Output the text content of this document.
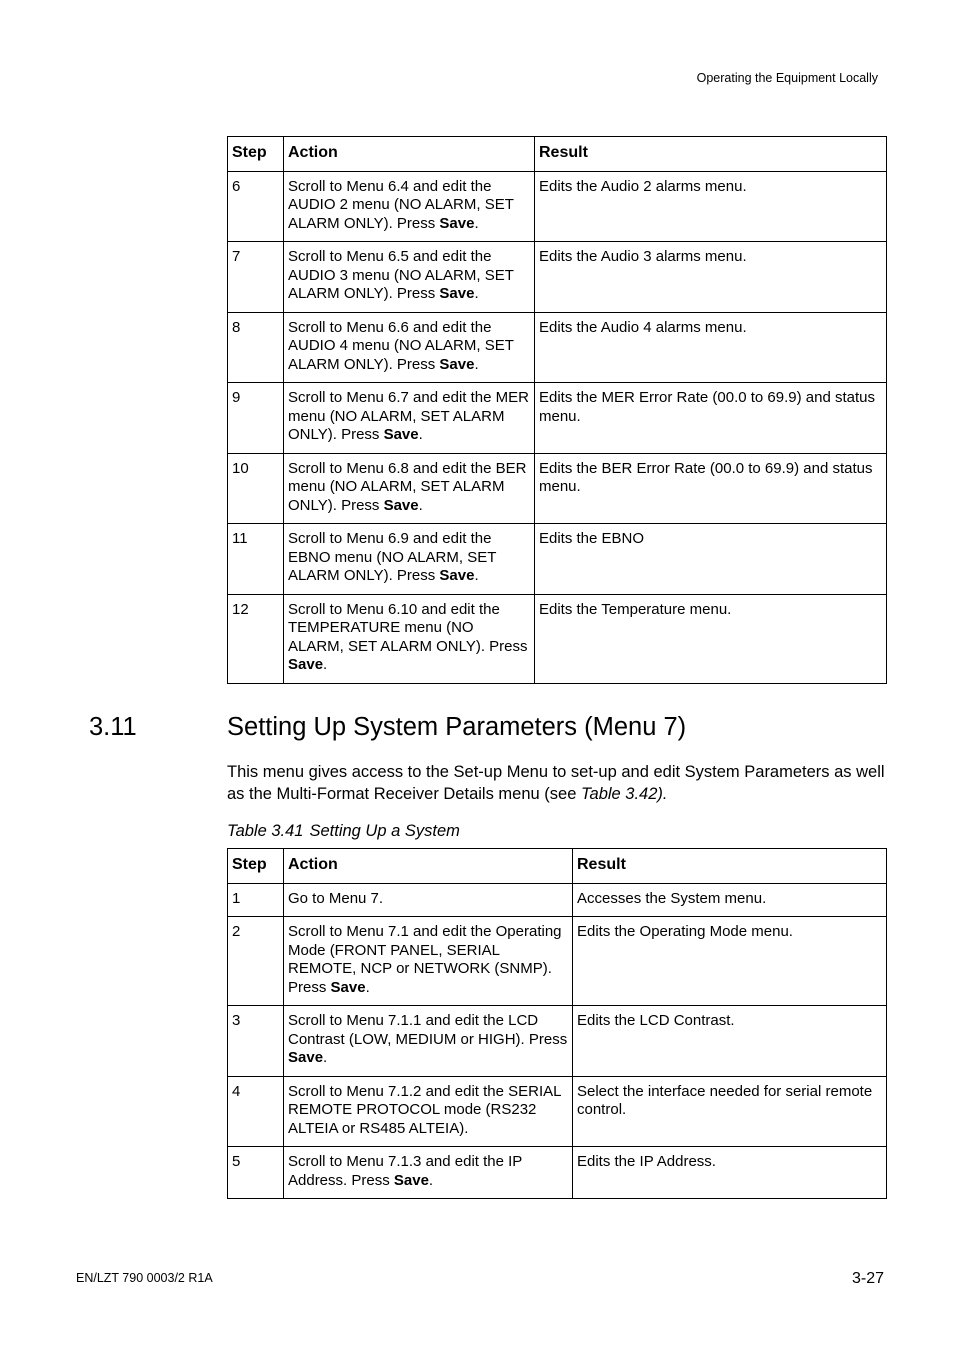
Operating the Equipment Locally
Step	Action	Result
6	Scroll to Menu 6.4 and edit the AUDIO 2 menu (NO ALARM, SET ALARM ONLY). Press Save.	Edits the Audio 2 alarms menu.
7	Scroll to Menu 6.5 and edit the AUDIO 3 menu (NO ALARM, SET ALARM ONLY). Press Save.	Edits the Audio 3 alarms menu.
8	Scroll to Menu 6.6 and edit the AUDIO 4 menu (NO ALARM, SET ALARM ONLY). Press Save.	Edits the Audio 4 alarms menu.
9	Scroll to Menu 6.7 and edit the MER menu (NO ALARM, SET ALARM ONLY). Press Save.	Edits the MER Error Rate (00.0 to 69.9) and status menu.
10	Scroll to Menu 6.8 and edit the BER menu (NO ALARM, SET ALARM ONLY). Press Save.	Edits the BER Error Rate (00.0 to 69.9) and status menu.
11	Scroll to Menu 6.9 and edit the EBNO menu (NO ALARM, SET ALARM ONLY). Press Save.	Edits the EBNO
12	Scroll to Menu 6.10 and edit the TEMPERATURE menu (NO ALARM, SET ALARM ONLY). Press Save.	Edits the Temperature menu.
3.11	Setting Up System Parameters (Menu 7)

This menu gives access to the Set-up Menu to set-up and edit System Parameters as well as the Multi-Format Receiver Details menu (see Table 3.42).

Table 3.41 Setting Up a System

Step	Action	Result
1	Go to Menu 7.	Accesses the System menu.
2	Scroll to Menu 7.1 and edit the Operating Mode (FRONT PANEL, SERIAL REMOTE, NCP or NETWORK (SNMP). Press Save.	Edits the Operating Mode menu.
3	Scroll to Menu 7.1.1 and edit the LCD Contrast (LOW, MEDIUM or HIGH). Press Save.	Edits the LCD Contrast.
4	Scroll to Menu 7.1.2 and edit the SERIAL REMOTE PROTOCOL mode (RS232 ALTEIA or RS485 ALTEIA).	Select the interface needed for serial remote control.
5	Scroll to Menu 7.1.3 and edit the IP Address. Press Save.	Edits the IP Address.
EN/LZT 790 0003/2 R1A	3-27
